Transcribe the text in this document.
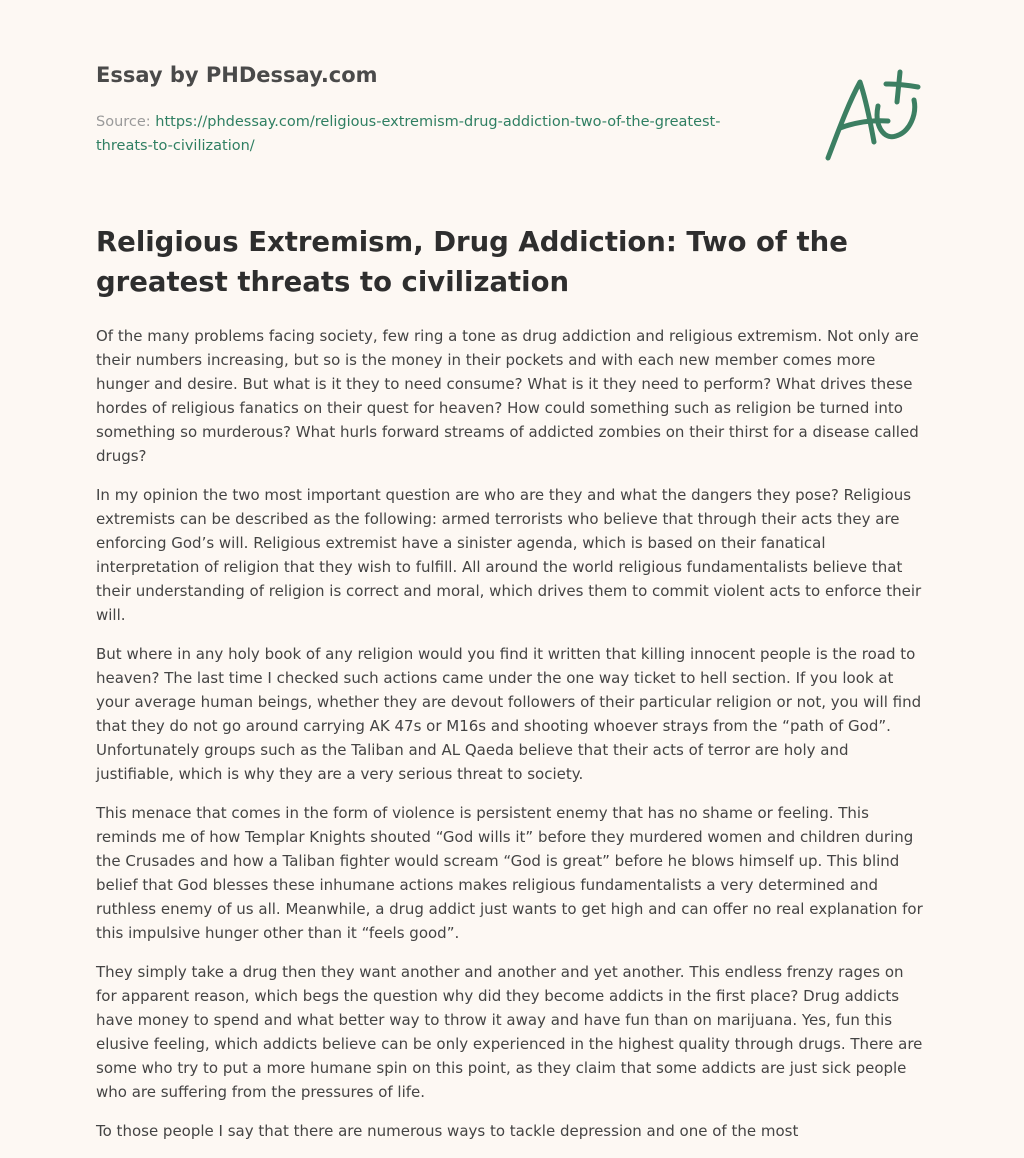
Essay by PHDessay.com
Source: https://phdessay.com/religious-extremism-drug-addiction-two-of-the-greatest-threats-to-civilization/
Religious Extremism, Drug Addiction: Two of the greatest threats to civilization

Of the many problems facing society, few ring a tone as drug addiction and religious extremism. Not only are their numbers increasing, but so is the money in their pockets and with each new member comes more hunger and desire. But what is it they to need consume? What is it they need to perform? What drives these hordes of religious fanatics on their quest for heaven? How could something such as religion be turned into something so murderous? What hurls forward streams of addicted zombies on their thirst for a disease called drugs?

In my opinion the two most important question are who are they and what the dangers they pose? Religious extremists can be described as the following: armed terrorists who believe that through their acts they are enforcing God’s will. Religious extremist have a sinister agenda, which is based on their fanatical interpretation of religion that they wish to fulfill. All around the world religious fundamentalists believe that their understanding of religion is correct and moral, which drives them to commit violent acts to enforce their will.

But where in any holy book of any religion would you find it written that killing innocent people is the road to heaven? The last time I checked such actions came under the one way ticket to hell section. If you look at your average human beings, whether they are devout followers of their particular religion or not, you will find that they do not go around carrying AK 47s or M16s and shooting whoever strays from the “path of God”. Unfortunately groups such as the Taliban and AL Qaeda believe that their acts of terror are holy and justifiable, which is why they are a very serious threat to society.

This menace that comes in the form of violence is persistent enemy that has no shame or feeling. This reminds me of how Templar Knights shouted “God wills it” before they murdered women and children during the Crusades and how a Taliban fighter would scream “God is great” before he blows himself up. This blind belief that God blesses these inhumane actions makes religious fundamentalists a very determined and ruthless enemy of us all. Meanwhile, a drug addict just wants to get high and can offer no real explanation for this impulsive hunger other than it “feels good”.

They simply take a drug then they want another and another and yet another. This endless frenzy rages on for apparent reason, which begs the question why did they become addicts in the first place? Drug addicts have money to spend and what better way to throw it away and have fun than on marijuana. Yes, fun this elusive feeling, which addicts believe can be only experienced in the highest quality through drugs. There are some who try to put a more humane spin on this point, as they claim that some addicts are just sick people who are suffering from the pressures of life.

To those people I say that there are numerous ways to tackle depression and one of the most
